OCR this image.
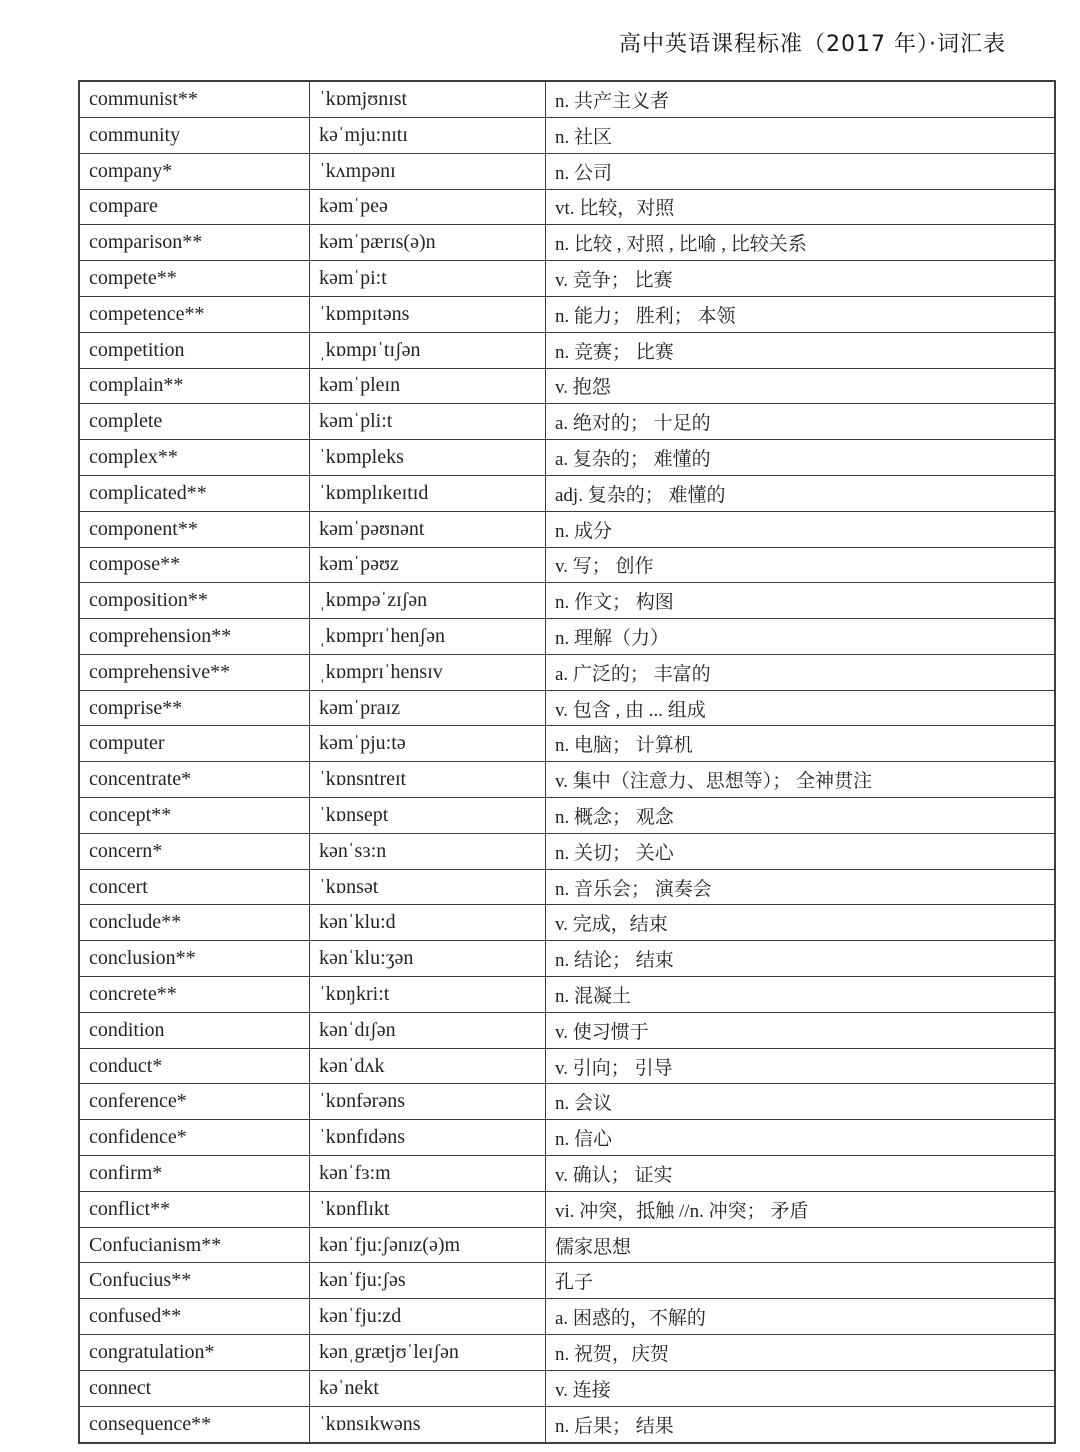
高中英语课程标准（2017 年）·词汇表
communist**	ˈkɒmjʊnɪst	n. 共产主义者
community	kəˈmju:nɪtɪ	n. 社区
company*	ˈkʌmpənɪ	n. 公司
compare	kəmˈpeə	vt. 比较，对照
comparison**	kəmˈpærɪs(ə)n	n. 比较 , 对照 , 比喻 , 比较关系
compete**	kəmˈpi:t	v. 竞争； 比赛
competence**	ˈkɒmpɪtəns	n. 能力； 胜利； 本领
competition	ˌkɒmpɪˈtɪʃən	n. 竞赛； 比赛
complain**	kəmˈpleɪn	v. 抱怨
complete	kəmˈpli:t	a. 绝对的； 十足的
complex**	ˈkɒmpleks	a. 复杂的； 难懂的
complicated**	ˈkɒmplɪkeɪtɪd	adj. 复杂的； 难懂的
component**	kəmˈpəʊnənt	n. 成分
compose**	kəmˈpəʊz	v. 写； 创作
composition**	ˌkɒmpəˈzɪʃən	n. 作文； 构图
comprehension**	ˌkɒmprɪˈhenʃən	n. 理解（力）
comprehensive**	ˌkɒmprɪˈhensɪv	a. 广泛的； 丰富的
comprise**	kəmˈpraɪz	v. 包含 , 由 ... 组成
computer	kəmˈpju:tə	n. 电脑； 计算机
concentrate*	ˈkɒnsntreɪt	v. 集中（注意力、思想等）； 全神贯注
concept**	ˈkɒnsept	n. 概念； 观念
concern*	kənˈsɜ:n	n. 关切； 关心
concert	ˈkɒnsət	n. 音乐会； 演奏会
conclude**	kənˈklu:d	v. 完成，结束
conclusion**	kənˈklu:ʒən	n. 结论； 结束
concrete**	ˈkɒŋkri:t	n. 混凝土
condition	kənˈdɪʃən	v. 使习惯于
conduct*	kənˈdʌk	v. 引向； 引导
conference*	ˈkɒnfərəns	n. 会议
confidence*	ˈkɒnfɪdəns	n. 信心
confirm*	kənˈfɜ:m	v. 确认； 证实
conflict**	ˈkɒnflɪkt	vi. 冲突，抵触 //n. 冲突； 矛盾
Confucianism**	kənˈfju:ʃənɪz(ə)m	儒家思想
Confucius**	kənˈfju:ʃəs	孔子
confused**	kənˈfju:zd	a. 困惑的，不解的
congratulation*	kənˌgrætjʊˈleɪʃən	n. 祝贺，庆贺
connect	kəˈnekt	v. 连接
consequence**	ˈkɒnsɪkwəns	n. 后果； 结果
